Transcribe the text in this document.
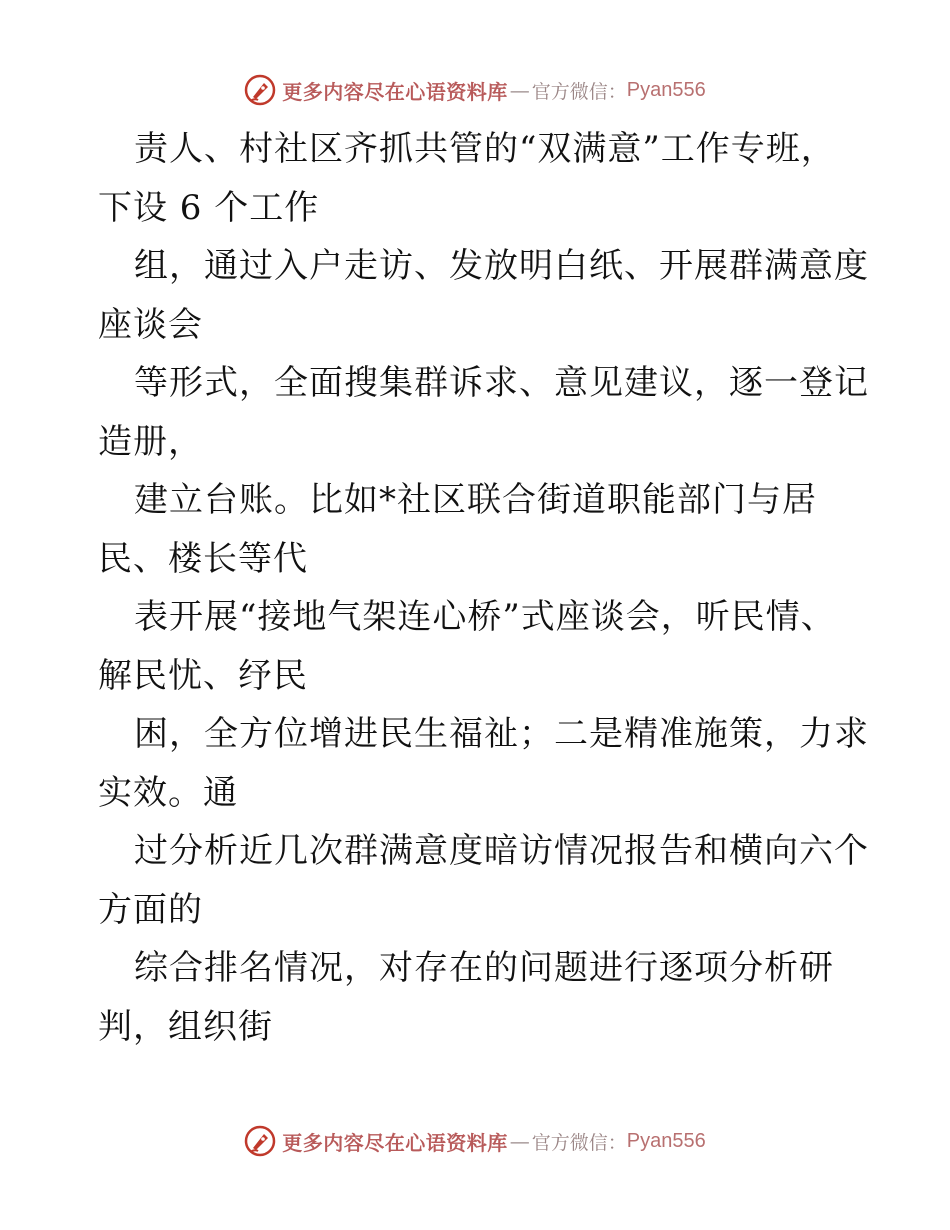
更多内容尽在心语资料库 — 官方微信： Pyan556
责人、村社区齐抓共管的“双满意”工作专班，
下设 6 个工作
组，通过入户走访、发放明白纸、开展群满意度
座谈会
等形式，全面搜集群诉求、意见建议，逐一登记
造册，
建立台账。比如*社区联合街道职能部门与居
民、楼长等代
表开展“接地气架连心桥”式座谈会，听民情、
解民忧、纾民
困，全方位增进民生福祉；二是精准施策，力求
实效。通
过分析近几次群满意度暗访情况报告和横向六个
方面的
综合排名情况，对存在的问题进行逐项分析研
判，组织街
更多内容尽在心语资料库 — 官方微信： Pyan556
